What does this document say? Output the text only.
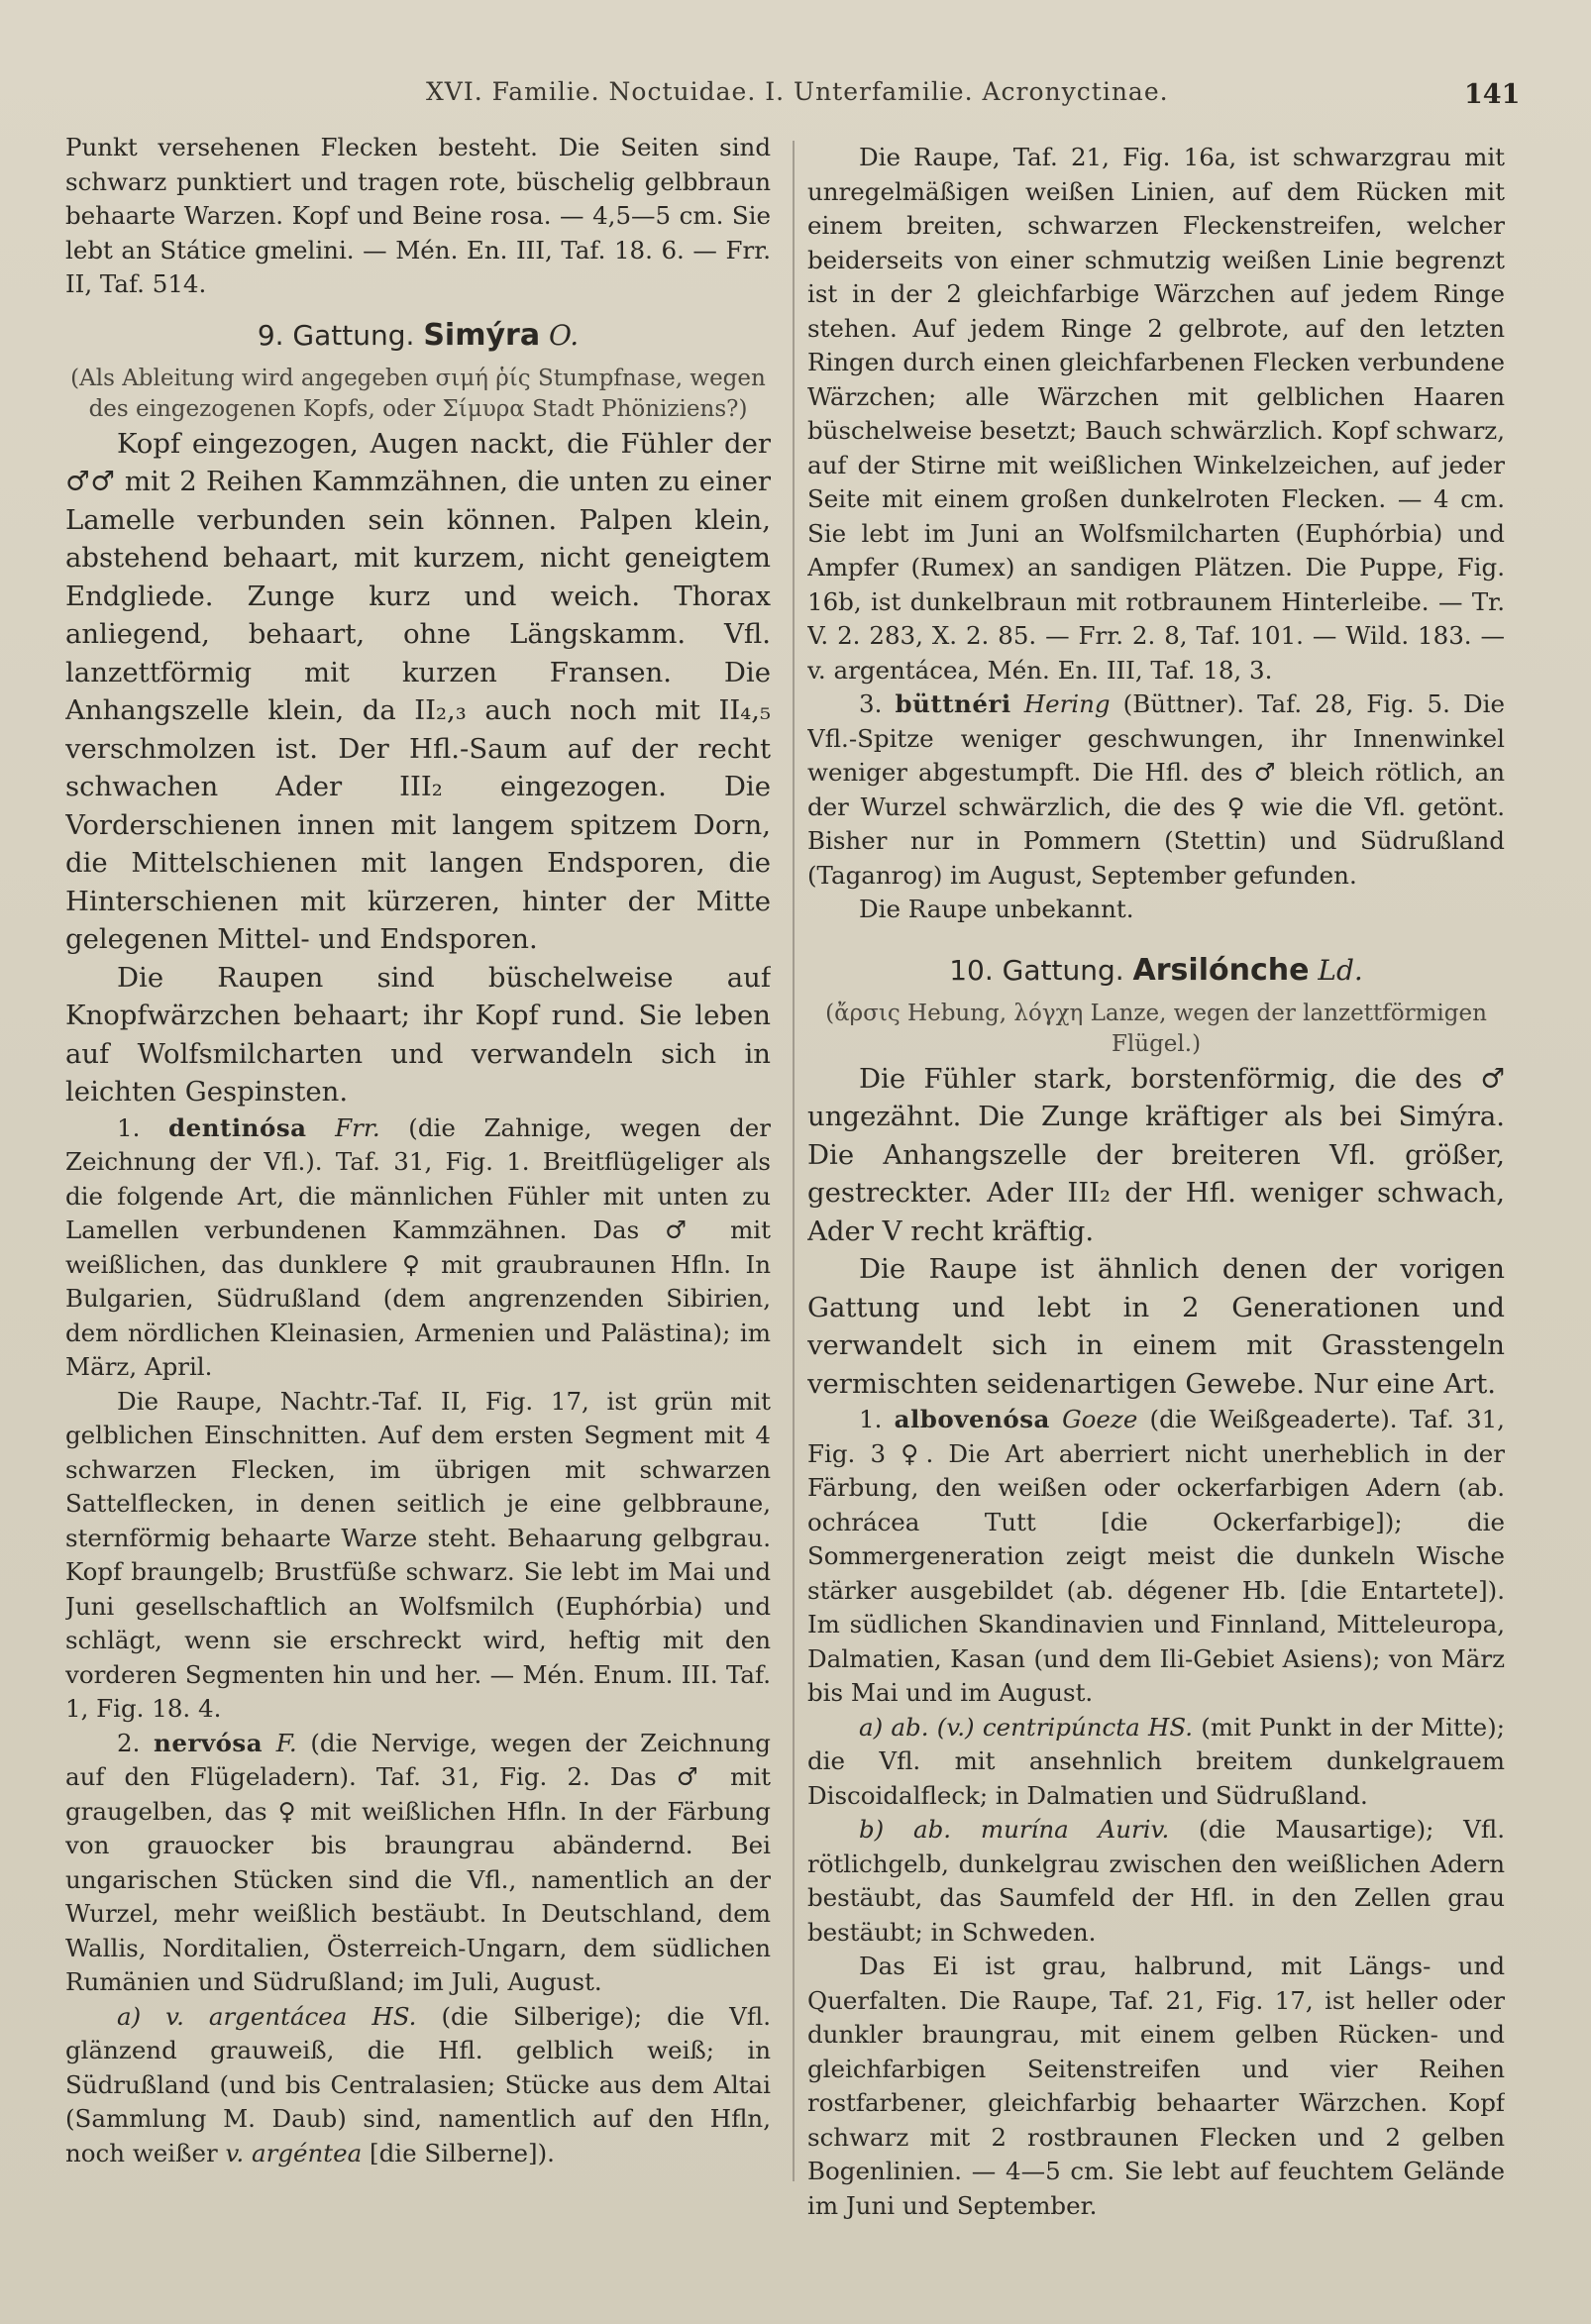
XVI. Familie. Noctuidae. I. Unterfamilie. Acronyctinae.	141

Punkt versehenen Flecken besteht. Die Seiten sind schwarz punktiert und tragen rote, büschelig gelbbraun behaarte Warzen. Kopf und Beine rosa. — 4,5—5 cm. Sie lebt an Státice gmelini. — Mén. En. III, Taf. 18. 6. — Frr. II, Taf. 514.

9. Gattung. Simýra O.

(Als Ableitung wird angegeben σιμή ῥίς Stumpfnase, wegen des eingezogenen Kopfs, oder Σίμυρα Stadt Phöniziens?)

Kopf eingezogen, Augen nackt, die Fühler der ♂♂ mit 2 Reihen Kammzähnen, die unten zu einer Lamelle verbunden sein können. Palpen klein, abstehend behaart, mit kurzem, nicht geneigtem Endgliede. Zunge kurz und weich. Thorax anliegend, behaart, ohne Längskamm. Vfl. lanzettförmig mit kurzen Fransen. Die Anhangszelle klein, da II₂,₃ auch noch mit II₄,₅ verschmolzen ist. Der Hfl.-Saum auf der recht schwachen Ader III₂ eingezogen. Die Vorderschienen innen mit langem spitzem Dorn, die Mittelschienen mit langen Endsporen, die Hinterschienen mit kürzeren, hinter der Mitte gelegenen Mittel- und Endsporen.

Die Raupen sind büschelweise auf Knopfwärzchen behaart; ihr Kopf rund. Sie leben auf Wolfsmilcharten und verwandeln sich in leichten Gespinsten.

1. dentinósa Frr. (die Zahnige, wegen der Zeichnung der Vfl.). Taf. 31, Fig. 1. Breitflügeliger als die folgende Art, die männlichen Fühler mit unten zu Lamellen verbundenen Kammzähnen. Das ♂ mit weißlichen, das dunklere ♀ mit graubraunen Hfln. In Bulgarien, Südrußland (dem angrenzenden Sibirien, dem nördlichen Kleinasien, Armenien und Palästina); im März, April.

Die Raupe, Nachtr.-Taf. II, Fig. 17, ist grün mit gelblichen Einschnitten. Auf dem ersten Segment mit 4 schwarzen Flecken, im übrigen mit schwarzen Sattelflecken, in denen seitlich je eine gelbbraune, sternförmig behaarte Warze steht. Behaarung gelbgrau. Kopf braungelb; Brustfüße schwarz. Sie lebt im Mai und Juni gesellschaftlich an Wolfsmilch (Euphórbia) und schlägt, wenn sie erschreckt wird, heftig mit den vorderen Segmenten hin und her. — Mén. Enum. III. Taf. 1, Fig. 18. 4.

2. nervósa F. (die Nervige, wegen der Zeichnung auf den Flügeladern). Taf. 31, Fig. 2. Das ♂ mit graugelben, das ♀ mit weißlichen Hfln. In der Färbung von grauocker bis braungrau abändernd. Bei ungarischen Stücken sind die Vfl., namentlich an der Wurzel, mehr weißlich bestäubt. In Deutschland, dem Wallis, Norditalien, Österreich-Ungarn, dem südlichen Rumänien und Südrußland; im Juli, August.

a) v. argentácea HS. (die Silberige); die Vfl. glänzend grauweiß, die Hfl. gelblich weiß; in Südrußland (und bis Centralasien; Stücke aus dem Altai (Sammlung M. Daub) sind, namentlich auf den Hfln, noch weißer v. argéntea [die Silberne]).

Die Raupe, Taf. 21, Fig. 16a, ist schwarzgrau mit unregelmäßigen weißen Linien, auf dem Rücken mit einem breiten, schwarzen Fleckenstreifen, welcher beiderseits von einer schmutzig weißen Linie begrenzt ist in der 2 gleichfarbige Wärzchen auf jedem Ringe stehen. Auf jedem Ringe 2 gelbrote, auf den letzten Ringen durch einen gleichfarbenen Flecken verbundene Wärzchen; alle Wärzchen mit gelblichen Haaren büschelweise besetzt; Bauch schwärzlich. Kopf schwarz, auf der Stirne mit weißlichen Winkelzeichen, auf jeder Seite mit einem großen dunkelroten Flecken. — 4 cm. Sie lebt im Juni an Wolfsmilcharten (Euphórbia) und Ampfer (Rumex) an sandigen Plätzen. Die Puppe, Fig. 16b, ist dunkelbraun mit rotbraunem Hinterleibe. — Tr. V. 2. 283, X. 2. 85. — Frr. 2. 8, Taf. 101. — Wild. 183. — v. argentácea, Mén. En. III, Taf. 18, 3.

3. büttnéri Hering (Büttner). Taf. 28, Fig. 5. Die Vfl.-Spitze weniger geschwungen, ihr Innenwinkel weniger abgestumpft. Die Hfl. des ♂ bleich rötlich, an der Wurzel schwärzlich, die des ♀ wie die Vfl. getönt. Bisher nur in Pommern (Stettin) und Südrußland (Taganrog) im August, September gefunden.

Die Raupe unbekannt.

10. Gattung. Arsilónche Ld.

(ἄρσις Hebung, λόγχη Lanze, wegen der lanzettförmigen Flügel.)

Die Fühler stark, borstenförmig, die des ♂ ungezähnt. Die Zunge kräftiger als bei Simýra. Die Anhangszelle der breiteren Vfl. größer, gestreckter. Ader III₂ der Hfl. weniger schwach, Ader V recht kräftig.

Die Raupe ist ähnlich denen der vorigen Gattung und lebt in 2 Generationen und verwandelt sich in einem mit Grasstengeln vermischten seidenartigen Gewebe. Nur eine Art.

1. albovenósa Goeze (die Weißgeaderte). Taf. 31, Fig. 3 ♀. Die Art aberriert nicht unerheblich in der Färbung, den weißen oder ockerfarbigen Adern (ab. ochrácea Tutt [die Ockerfarbige]); die Sommergeneration zeigt meist die dunkeln Wische stärker ausgebildet (ab. dégener Hb. [die Entartete]). Im südlichen Skandinavien und Finnland, Mitteleuropa, Dalmatien, Kasan (und dem Ili-Gebiet Asiens); von März bis Mai und im August.

a) ab. (v.) centripúncta HS. (mit Punkt in der Mitte); die Vfl. mit ansehnlich breitem dunkelgrauem Discoidalfleck; in Dalmatien und Südrußland.

b) ab. murína Auriv. (die Mausartige); Vfl. rötlichgelb, dunkelgrau zwischen den weißlichen Adern bestäubt, das Saumfeld der Hfl. in den Zellen grau bestäubt; in Schweden.

Das Ei ist grau, halbrund, mit Längs- und Querfalten. Die Raupe, Taf. 21, Fig. 17, ist heller oder dunkler braungrau, mit einem gelben Rücken- und gleichfarbigen Seitenstreifen und vier Reihen rostfarbener, gleichfarbig behaarter Wärzchen. Kopf schwarz mit 2 rostbraunen Flecken und 2 gelben Bogenlinien. — 4—5 cm. Sie lebt auf feuchtem Gelände im Juni und September.
